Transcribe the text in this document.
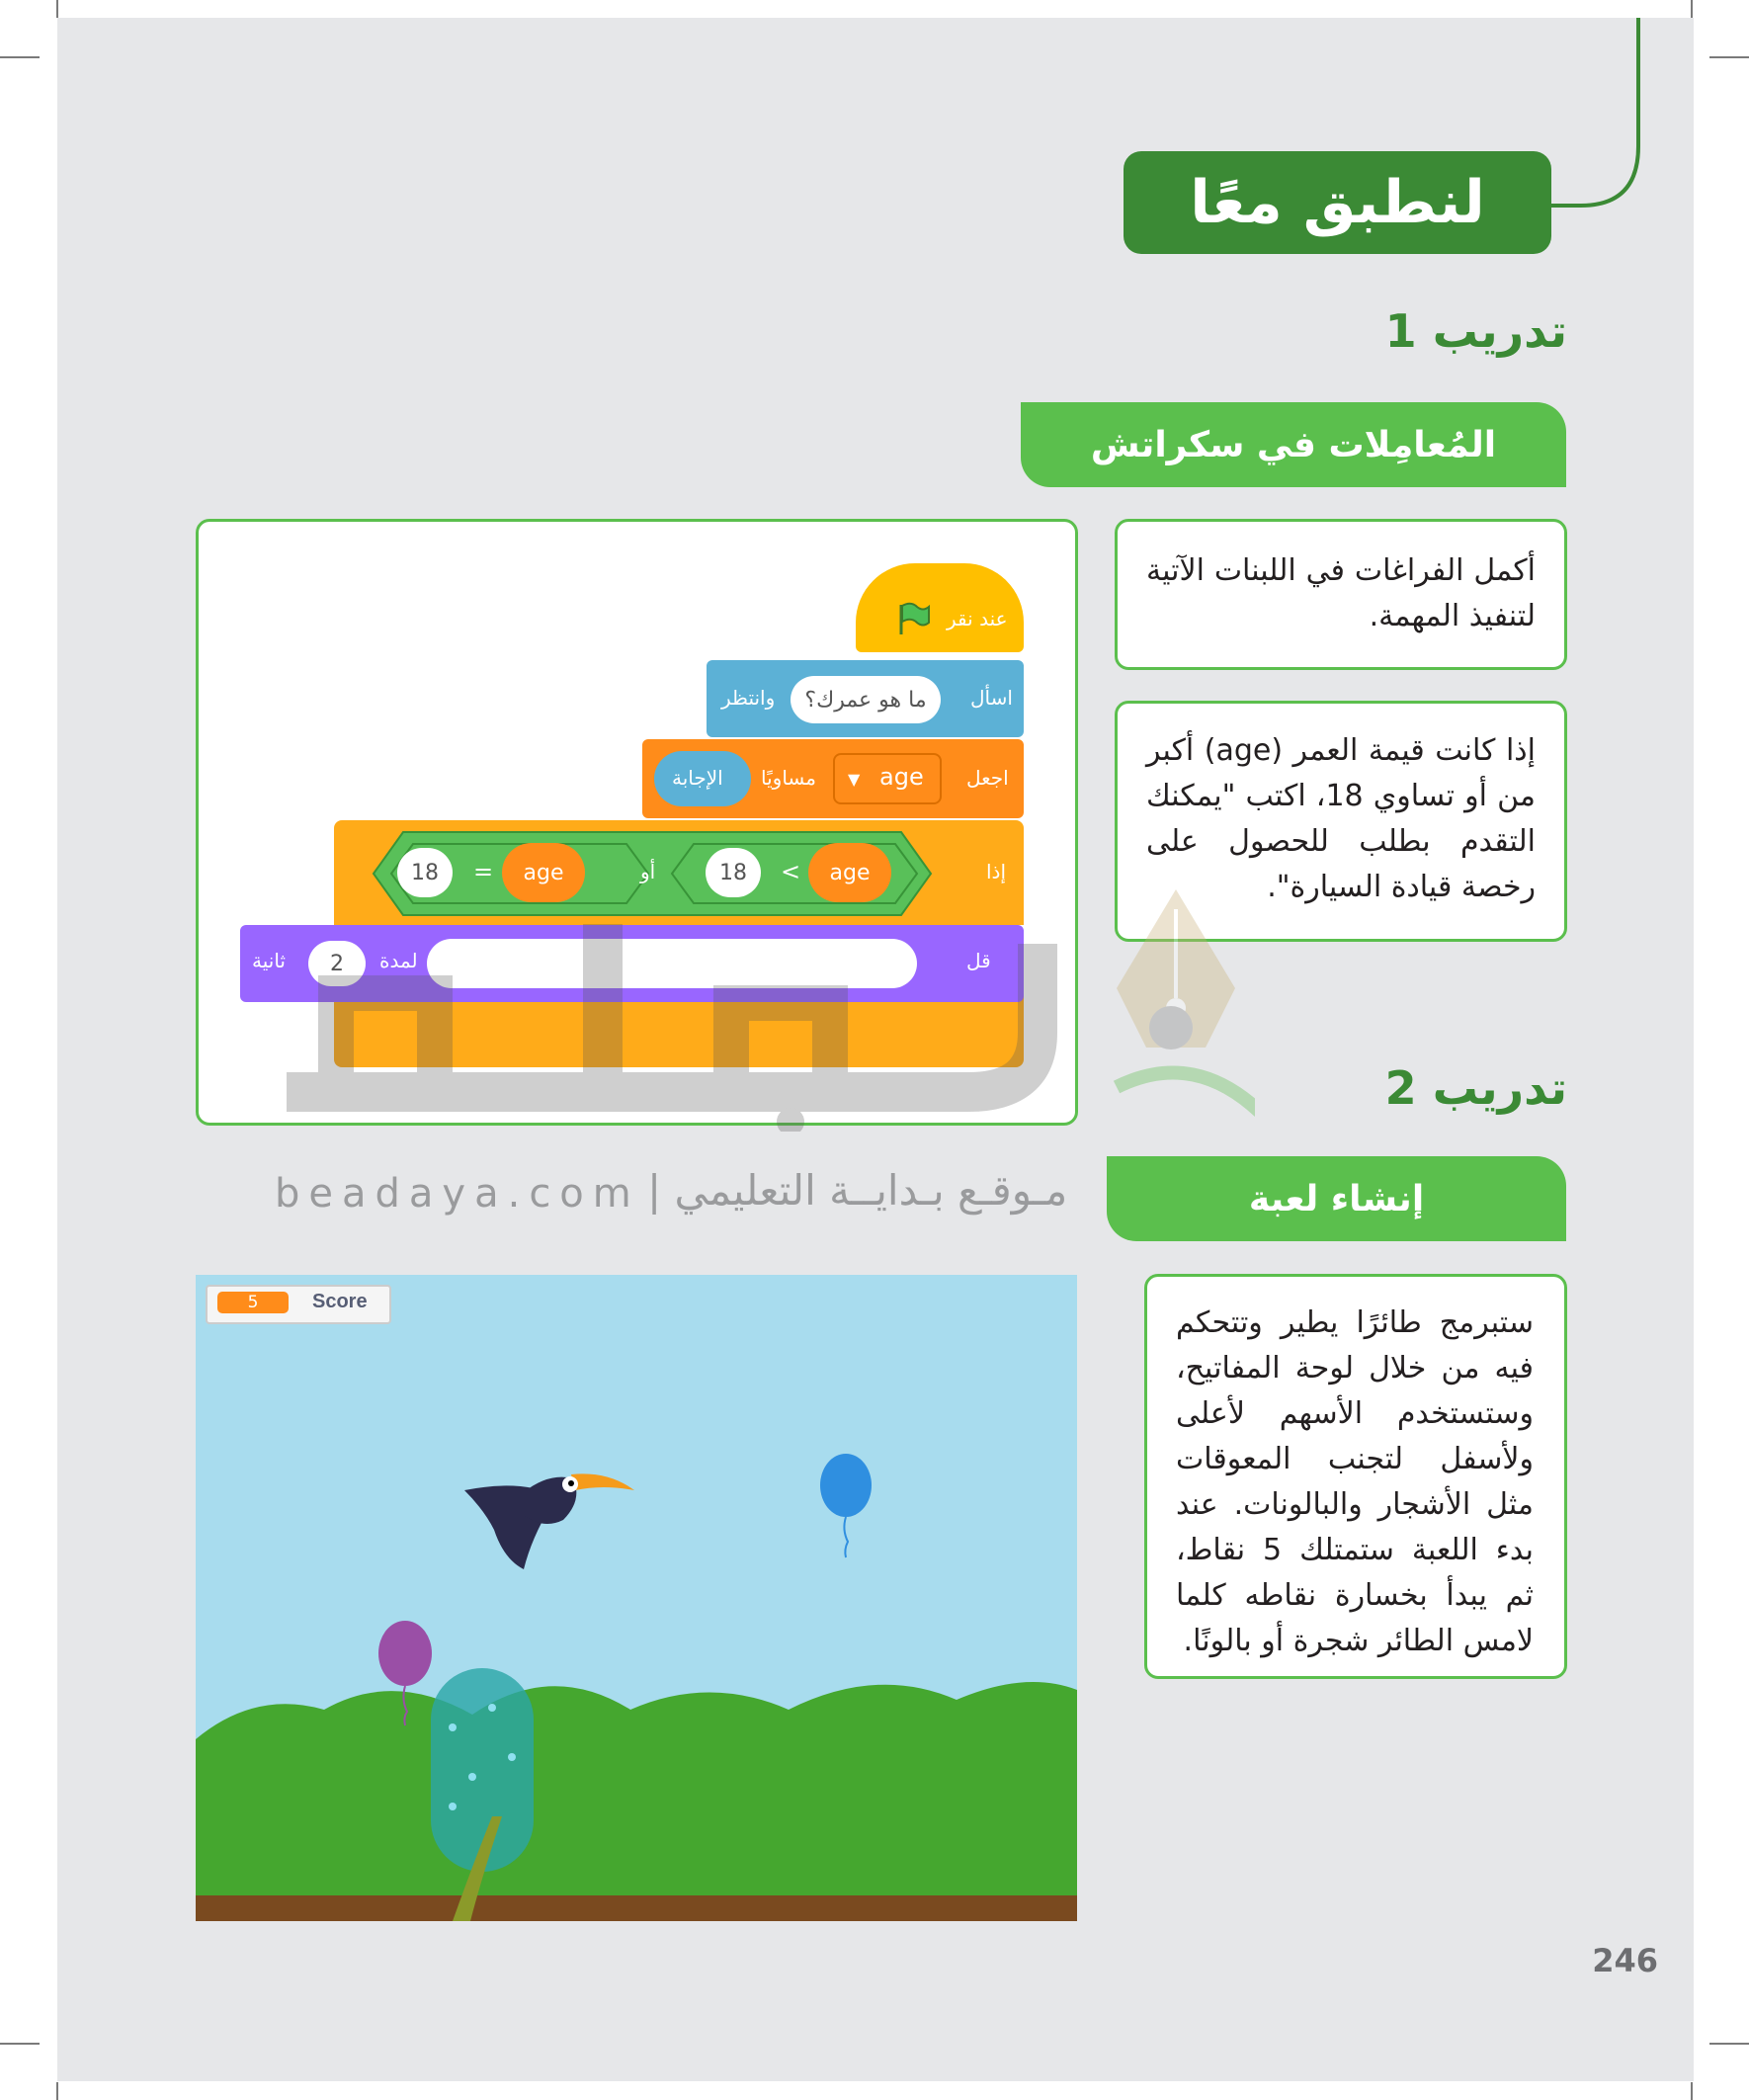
لنطبق معًا
تدريب 1
المُعامِلات في سكراتش
أكمل الفراغات في اللبنات الآتية لتنفيذ المهمة.
إذا كانت قيمة العمر (age) أكبر من أو تساوي 18، اكتب "يمكنك التقدم بطلب للحصول على رخصة قيادة السيارة".
عند نقر
اسأل
ما هو عمرك؟
وانتظر
اجعل
age
▼
مساويًا
الإجابة
إذا
أو	age
>
18
age
=
18
قل
لمدة
2
ثانية
مـوقـع بـدايــة التعليمي |
beadaya.com
تدريب 2
إنشاء لعبة
ستبرمج طائرًا يطير وتتحكم فيه من خلال لوحة المفاتيح، وستستخدم الأسهم لأعلى ولأسفل لتجنب المعوقات مثل الأشجار والبالونات. عند بدء اللعبة ستمتلك 5 نقاط، ثم يبدأ بخسارة نقاطه كلما لامس الطائر شجرة أو بالونًا.
5	Score
246
